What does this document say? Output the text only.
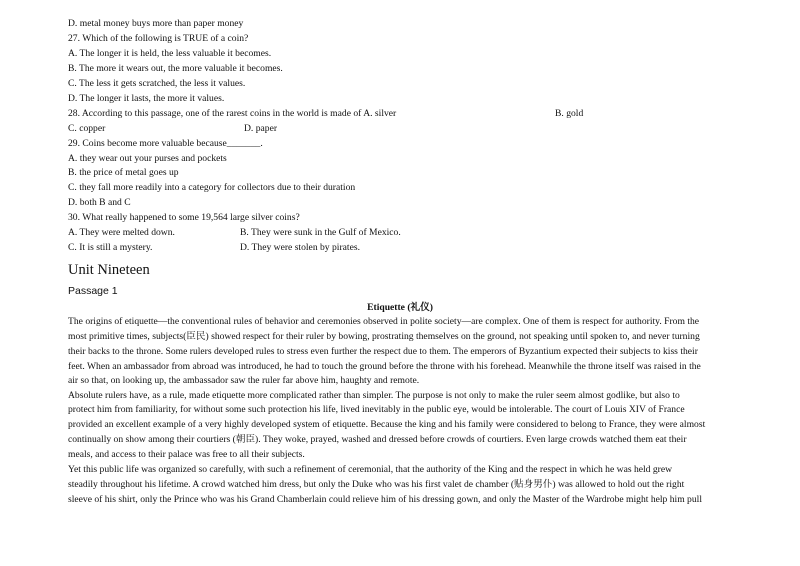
D. metal money buys more than paper money
27. Which of the following is TRUE of a coin?
A. The longer it is held, the less valuable it becomes.
B. The more it wears out, the more valuable it becomes.
C. The less it gets scratched, the less it values.
D. The longer it lasts, the more it values.
28. According to this passage, one of the rarest coins in the world is made of A. silver	B. gold
C. copper	D. paper
29. Coins become more valuable because_______.
A. they wear out your purses and pockets
B. the price of metal goes up
C. they fall more readily into a category for collectors due to their duration
D. both B and C
30. What really happened to some 19,564 large silver coins?
A. They were melted down.	B. They were sunk in the Gulf of Mexico.
C. It is still a mystery.	D. They were stolen by pirates.
Unit Nineteen
Passage 1
Etiquette (礼仪)
The origins of etiquette—the conventional rules of behavior and ceremonies observed in polite society—are complex. One of them is respect for authority. From the
most primitive times, subjects(臣民) showed respect for their ruler by bowing, prostrating themselves on the ground, not speaking until spoken to, and never turning
their backs to the throne. Some rulers developed rules to stress even further the respect due to them. The emperors of Byzantium expected their subjects to kiss their
feet. When an ambassador from abroad was introduced, he had to touch the ground before the throne with his forehead. Meanwhile the throne itself was raised in the
air so that, on looking up, the ambassador saw the ruler far above him, haughty and remote.
Absolute rulers have, as a rule, made etiquette more complicated rather than simpler. The purpose is not only to make the ruler seem almost godlike, but also to
protect him from familiarity, for without some such protection his life, lived inevitably in the public eye, would be intolerable. The court of Louis XIV of France
provided an excellent example of a very highly developed system of etiquette. Because the king and his family were considered to belong to France, they were almost
continually on show among their courtiers (朝臣). They woke, prayed, washed and dressed before crowds of courtiers. Even large crowds watched them eat their
meals, and access to their palace was free to all their subjects.
Yet this public life was organized so carefully, with such a refinement of ceremonial, that the authority of the King and the respect in which he was held grew
steadily throughout his lifetime. A crowd watched him dress, but only the Duke who was his first valet de chamber (贴身男仆) was allowed to hold out the right
sleeve of his shirt, only the Prince who was his Grand Chamberlain could relieve him of his dressing gown, and only the Master of the Wardrobe might help him pull
